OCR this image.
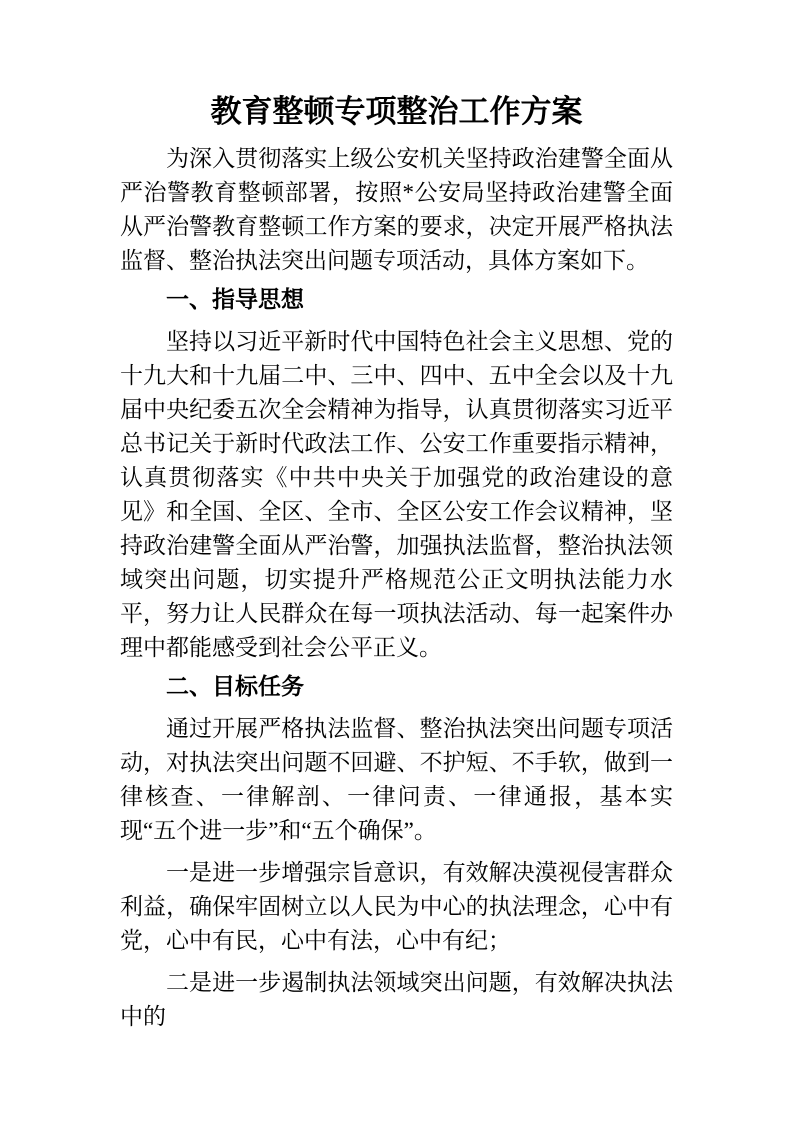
教育整顿专项整治工作方案

为深入贯彻落实上级公安机关坚持政治建警全面从严治警教育整顿部署，按照*公安局坚持政治建警全面从严治警教育整顿工作方案的要求，决定开展严格执法监督、整治执法突出问题专项活动，具体方案如下。

一、指导思想

坚持以习近平新时代中国特色社会主义思想、党的十九大和十九届二中、三中、四中、五中全会以及十九届中央纪委五次全会精神为指导，认真贯彻落实习近平总书记关于新时代政法工作、公安工作重要指示精神，认真贯彻落实《中共中央关于加强党的政治建设的意见》和全国、全区、全市、全区公安工作会议精神，坚持政治建警全面从严治警，加强执法监督，整治执法领域突出问题，切实提升严格规范公正文明执法能力水平，努力让人民群众在每一项执法活动、每一起案件办理中都能感受到社会公平正义。

二、目标任务

通过开展严格执法监督、整治执法突出问题专项活动，对执法突出问题不回避、不护短、不手软，做到一律核查、一律解剖、一律问责、一律通报，基本实现“五个进一步”和“五个确保”。

一是进一步增强宗旨意识，有效解决漠视侵害群众利益，确保牢固树立以人民为中心的执法理念，心中有党，心中有民，心中有法，心中有纪；

二是进一步遏制执法领域突出问题，有效解决执法中的
